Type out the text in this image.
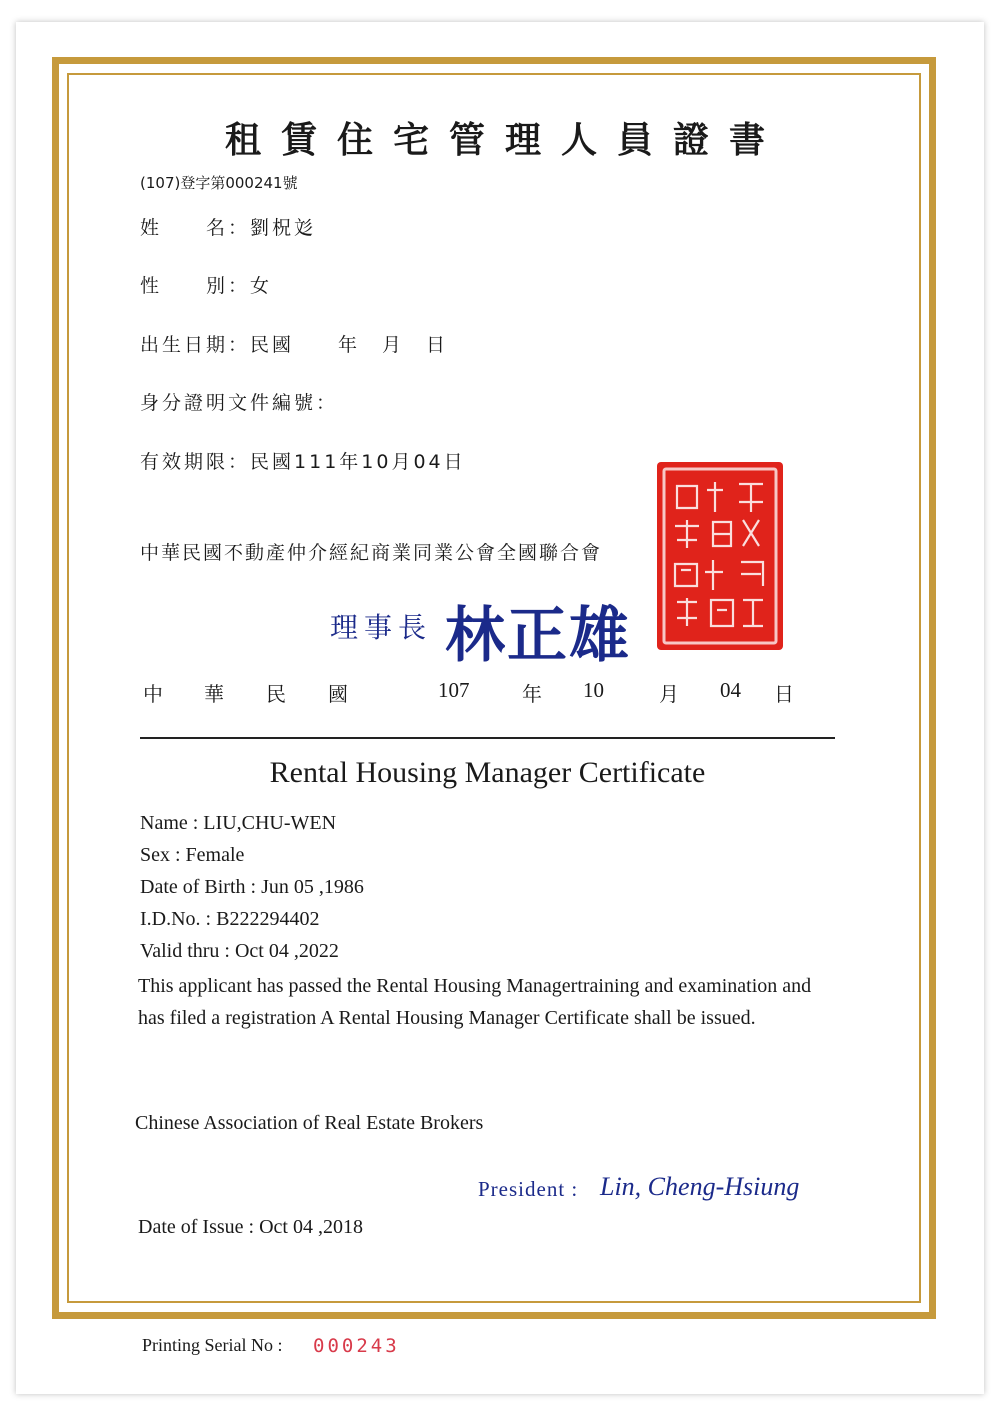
租賃住宅管理人員證書
(107)登字第000241號
姓　　名：劉柷彣
性　　別：女
出生日期：民國　　年　月　日
身分證明文件編號：
有效期限：民國111年10月04日
中華民國不動產仲介經紀商業同業公會全國聯合會
理事長 林正雄
中 華 民 國	107	年 10	月 04 日
Rental Housing Manager Certificate
Name : LIU,CHU-WEN
Sex : Female
Date of Birth : Jun 05 ,1986
I.D.No. : B222294402
Valid thru : Oct 04 ,2022
This applicant has passed the Rental Housing Managertraining and examination and has filed a registration A Rental Housing Manager Certificate shall be issued.
Chinese Association of Real Estate Brokers
President : Lin, Cheng-Hsiung
Date of Issue : Oct 04 ,2018
Printing Serial No : 000243
